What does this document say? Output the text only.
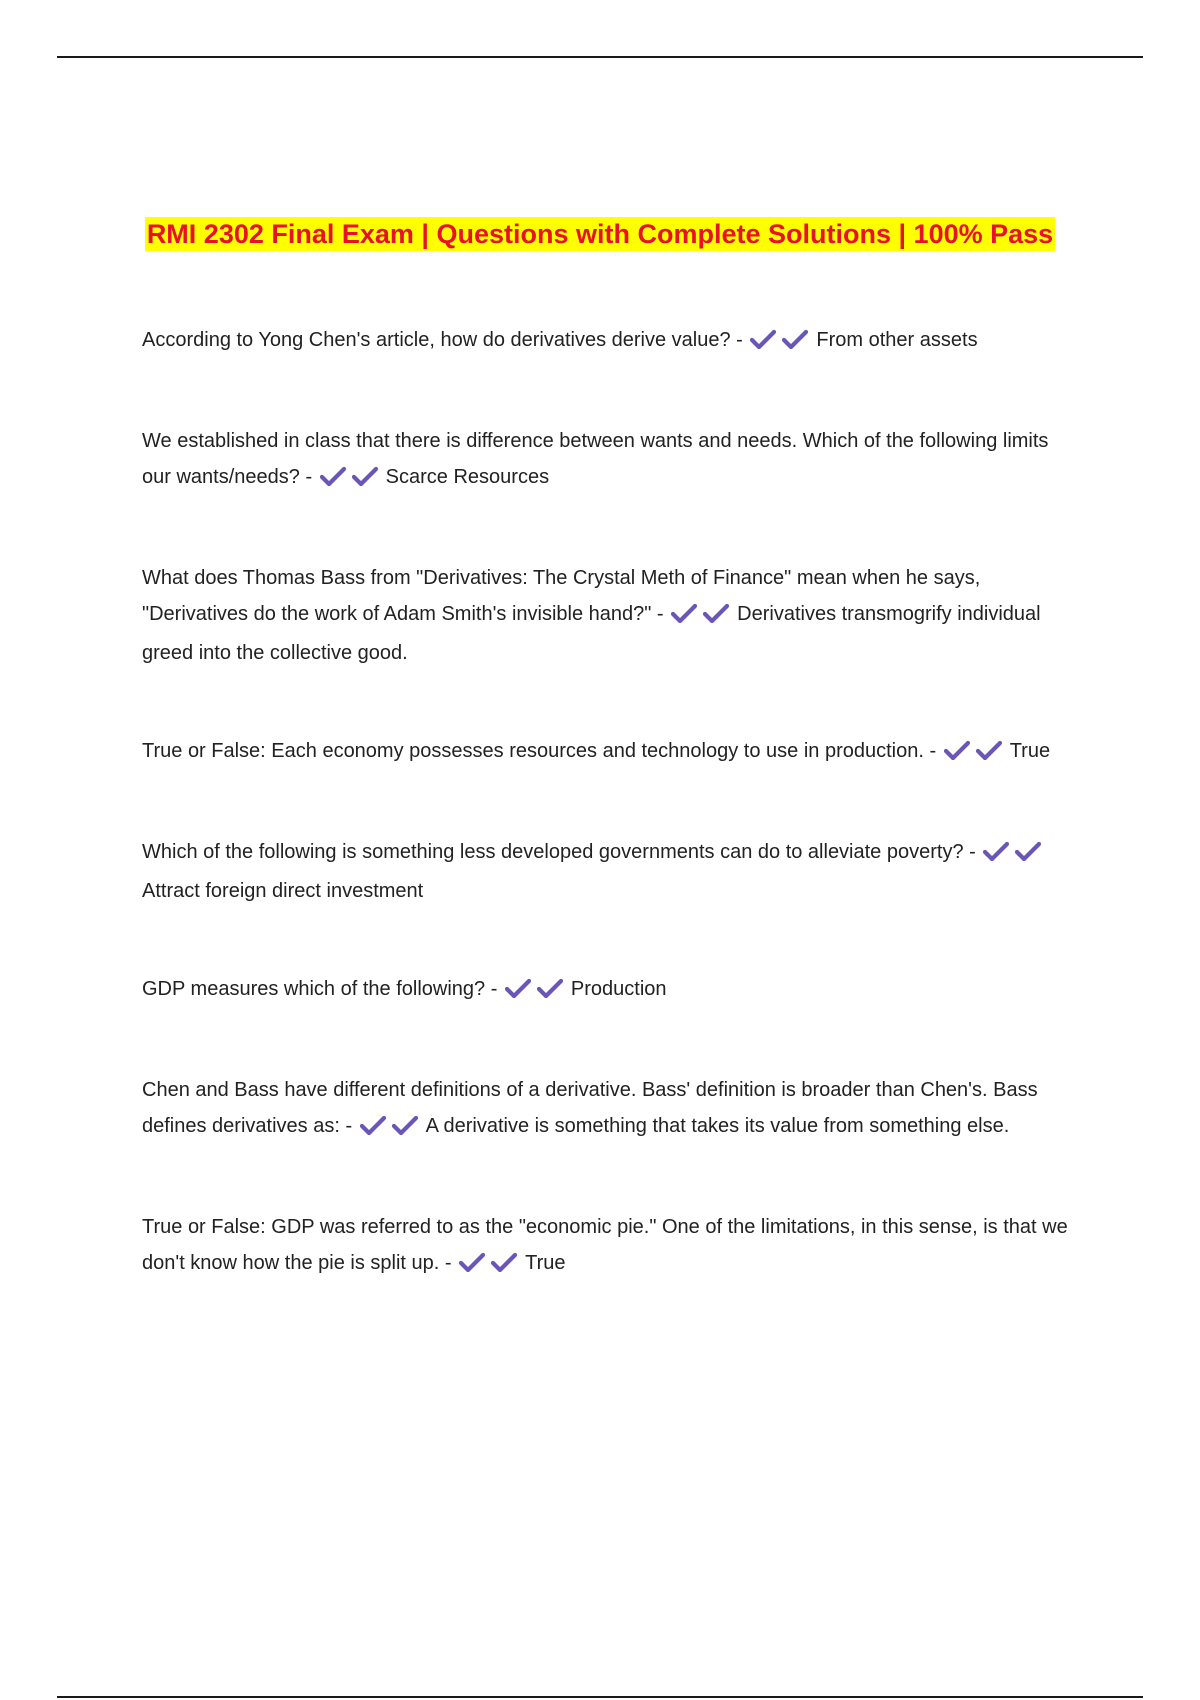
RMI 2302 Final Exam | Questions with Complete Solutions | 100% Pass

According to Yong Chen's article, how do derivatives derive value? -	From other assets

We established in class that there is difference between wants and needs. Which of the following limits our wants/needs? -	Scarce Resources

What does Thomas Bass from "Derivatives: The Crystal Meth of Finance" mean when he says, "Derivatives do the work of Adam Smith's invisible hand?" -	Derivatives transmogrify individual greed into the collective good.

True or False: Each economy possesses resources and technology to use in production. -	True

Which of the following is something less developed governments can do to alleviate poverty? -
Attract foreign direct investment

GDP measures which of the following? -	Production

Chen and Bass have different definitions of a derivative. Bass' definition is broader than Chen's. Bass defines derivatives as: -	A derivative is something that takes its value from something else.

True or False: GDP was referred to as the "economic pie." One of the limitations, in this sense, is that we don't know how the pie is split up. -	True
